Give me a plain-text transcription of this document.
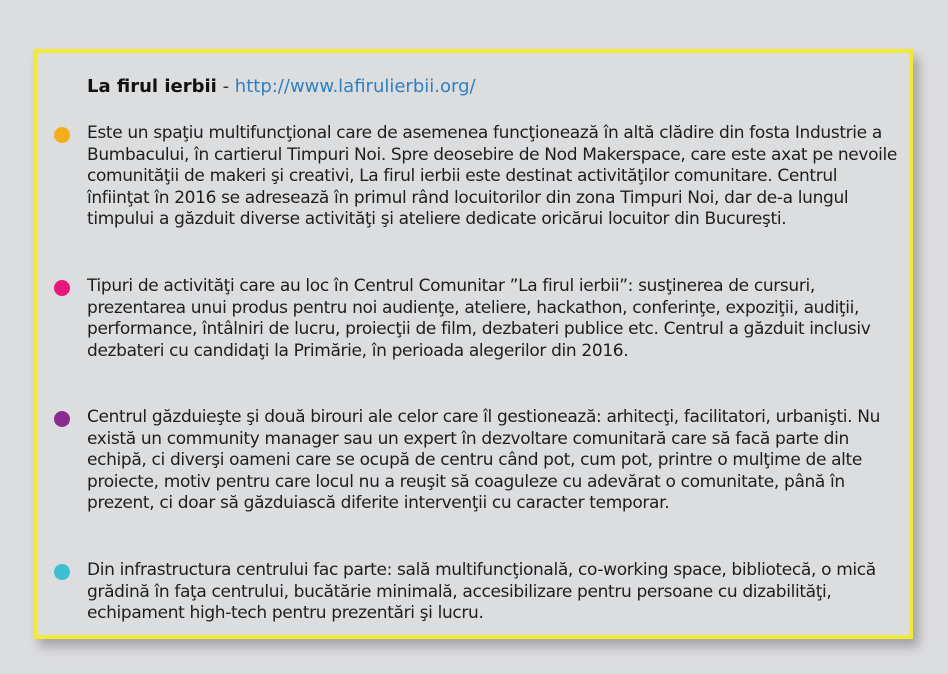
La firul ierbii - http://www.lafirulierbii.org/
Este un spaţiu multifuncţional care de asemenea funcţionează în altă clădire din fosta Industrie a Bumbacului, în cartierul Timpuri Noi. Spre deosebire de Nod Makerspace, care este axat pe nevoile comunităţii de makeri şi creativi, La firul ierbii este destinat activităţilor comunitare. Centrul înfiinţat în 2016 se adresează în primul rând locuitorilor din zona Timpuri Noi, dar de-a lungul timpului a găzduit diverse activităţi şi ateliere dedicate oricărui locuitor din Bucureşti.
Tipuri de activităţi care au loc în Centrul Comunitar ”La firul ierbii”: susţinerea de cursuri, prezentarea unui produs pentru noi audienţe, ateliere, hackathon, conferinţe, expoziţii, audiţii, performance, întâlniri de lucru, proiecţii de film, dezbateri publice etc. Centrul a găzduit inclusiv dezbateri cu candidaţi la Primărie, în perioada alegerilor din 2016.
Centrul găzduieşte şi două birouri ale celor care îl gestionează: arhitecţi, facilitatori, urbanişti. Nu există un community manager sau un expert în dezvoltare comunitară care să facă parte din echipă, ci diverşi oameni care se ocupă de centru când pot, cum pot, printre o mulţime de alte proiecte, motiv pentru care locul nu a reuşit să coaguleze cu adevărat o comunitate, până în prezent, ci doar să găzduiască diferite intervenţii cu caracter temporar.
Din infrastructura centrului fac parte: sală multifuncţională, co-working space, bibliotecă, o mică grădină în faţa centrului, bucătărie minimală, accesibilizare pentru persoane cu dizabilităţi, echipament high-tech pentru prezentări şi lucru.
